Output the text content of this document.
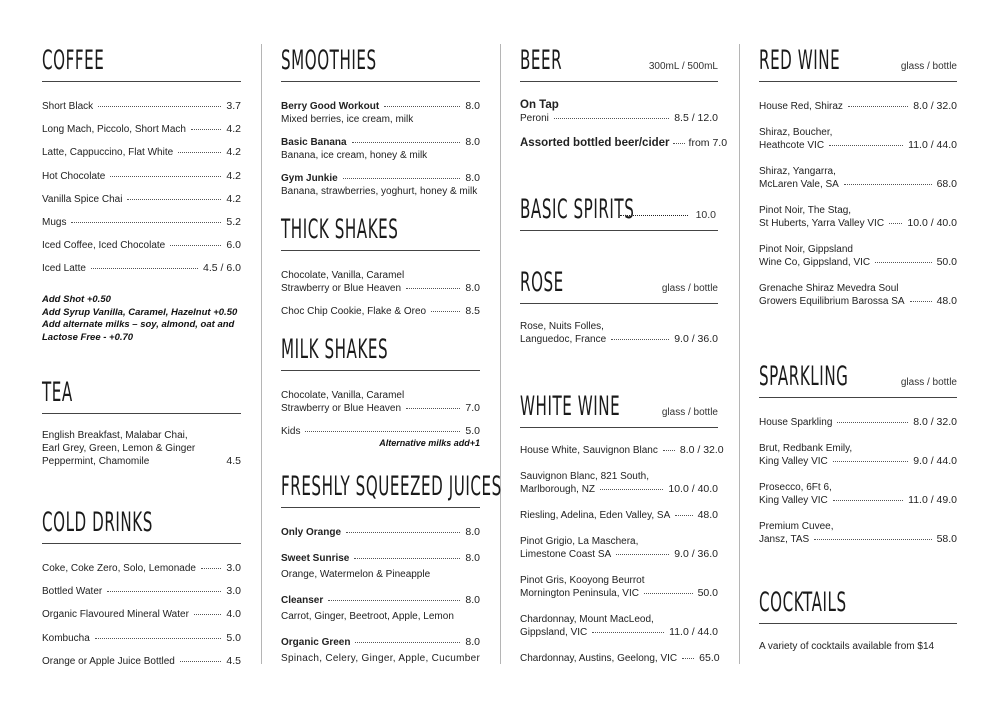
COFFEE
Short Black	3.7
Long Mach, Piccolo, Short Mach	4.2
Latte, Cappuccino, Flat White	4.2
Hot Chocolate	4.2
Vanilla Spice Chai	4.2
Mugs	5.2
Iced Coffee, Iced Chocolate	6.0
Iced Latte	4.5 / 6.0
Add Shot +0.50
Add Syrup Vanilla, Caramel, Hazelnut +0.50
Add alternate milks – soy, almond, oat and
Lactose Free - +0.70
TEA
English Breakfast, Malabar Chai,
Earl Grey, Green, Lemon & Ginger
Peppermint, Chamomile	4.5
COLD DRINKS
Coke, Coke Zero, Solo, Lemonade	3.0
Bottled Water	3.0
Organic Flavoured Mineral Water	4.0
Kombucha	5.0
Orange or Apple Juice Bottled	4.5
SMOOTHIES
Berry Good Workout	8.0
Mixed berries, ice cream, milk
Basic Banana	8.0
Banana, ice cream, honey & milk
Gym Junkie	8.0
Banana, strawberries, yoghurt, honey & milk
THICK SHAKES
Chocolate, Vanilla, Caramel
Strawberry or Blue Heaven	8.0
Choc Chip Cookie, Flake & Oreo	8.5
MILK SHAKES
Chocolate, Vanilla, Caramel
Strawberry or Blue Heaven	7.0
Kids	5.0
Alternative milks add+1
FRESHLY SQUEEZED JUICES
Only Orange	8.0
Sweet Sunrise	8.0
Orange, Watermelon & Pineapple
Cleanser	8.0
Carrot, Ginger, Beetroot, Apple, Lemon
Organic Green	8.0
Spinach, Celery, Ginger, Apple, Cucumber
BEER	300mL / 500mL
On Tap
Peroni	8.5 / 12.0
Assorted bottled beer/cider from 7.0
BASIC SPIRITS	10.0
ROSE	glass / bottle
Rose, Nuits Folles,
Languedoc, France	9.0 / 36.0
WHITE WINE	glass / bottle
House White, Sauvignon Blanc 8.0 / 32.0
Sauvignon Blanc, 821 South,
Marlborough, NZ	10.0 / 40.0
Riesling, Adelina, Eden Valley, SA	48.0
Pinot Grigio, La Maschera,
Limestone Coast SA	9.0 / 36.0
Pinot Gris, Kooyong Beurrot
Mornington Peninsula, VIC	50.0
Chardonnay, Mount MacLeod,
Gippsland, VIC	11.0 / 44.0
Chardonnay, Austins, Geelong, VIC 65.0
RED WINE	glass / bottle
House Red, Shiraz	8.0 / 32.0
Shiraz, Boucher,
Heathcote VIC	11.0 / 44.0
Shiraz, Yangarra,
McLaren Vale, SA	68.0
Pinot Noir, The Stag,
St Huberts, Yarra Valley VIC 10.0 / 40.0
Pinot Noir, Gippsland
Wine Co, Gippsland, VIC	50.0
Grenache Shiraz Mevedra Soul
Growers Equilibrium Barossa SA	48.0
SPARKLING	glass / bottle
House Sparkling	8.0 / 32.0
Brut, Redbank Emily,
King Valley VIC	9.0 / 44.0
Prosecco, 6Ft 6,
King Valley VIC	11.0 / 49.0
Premium Cuvee,
Jansz, TAS	58.0
COCKTAILS
A variety of cocktails available from $14
